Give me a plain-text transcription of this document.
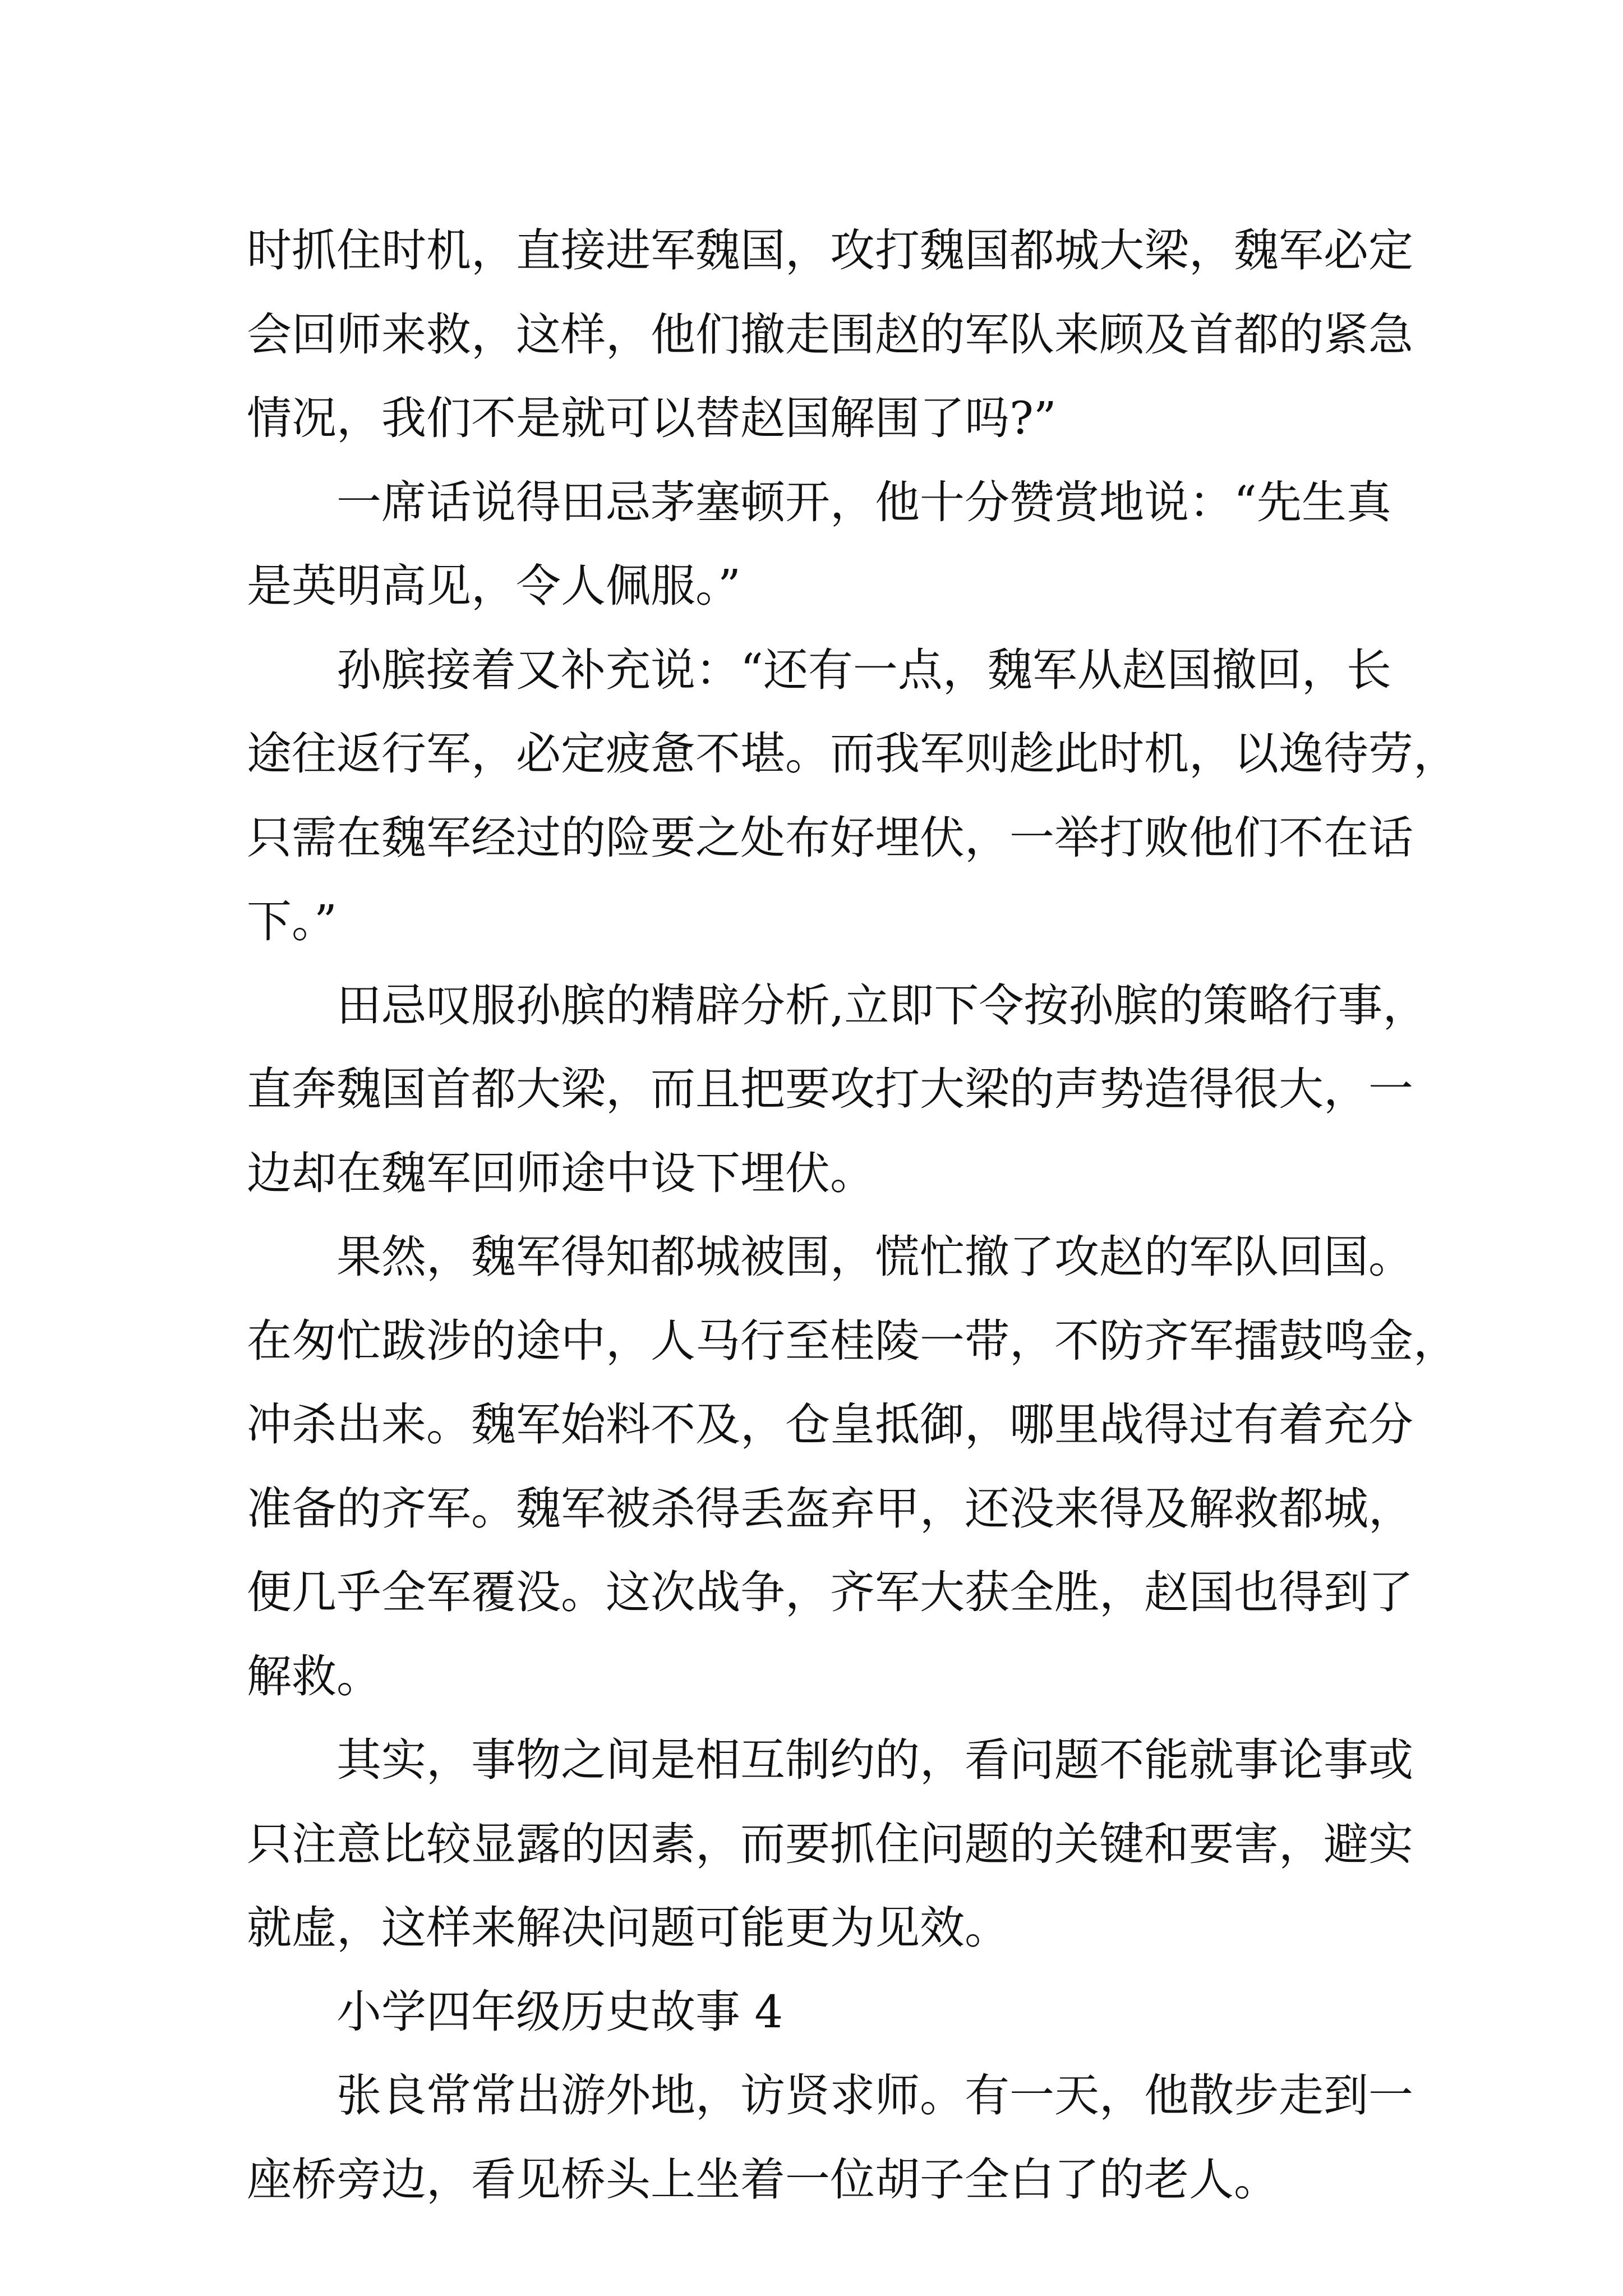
时抓住时机，直接进军魏国，攻打魏国都城大梁，魏军必定
会回师来救，这样，他们撤走围赵的军队来顾及首都的紧急
情况，我们不是就可以替赵国解围了吗?”
一席话说得田忌茅塞顿开，他十分赞赏地说：“先生真
是英明高见，令人佩服。”
孙膑接着又补充说：“还有一点，魏军从赵国撤回，长
途往返行军，必定疲惫不堪。而我军则趁此时机，以逸待劳，
只需在魏军经过的险要之处布好埋伏，一举打败他们不在话
下。”
田忌叹服孙膑的精辟分析,立即下令按孙膑的策略行事，
直奔魏国首都大梁，而且把要攻打大梁的声势造得很大，一
边却在魏军回师途中设下埋伏。
果然，魏军得知都城被围，慌忙撤了攻赵的军队回国。
在匆忙跋涉的途中，人马行至桂陵一带，不防齐军擂鼓鸣金，
冲杀出来。魏军始料不及，仓皇抵御，哪里战得过有着充分
准备的齐军。魏军被杀得丢盔弃甲，还没来得及解救都城，
便几乎全军覆没。这次战争，齐军大获全胜，赵国也得到了
解救。
其实，事物之间是相互制约的，看问题不能就事论事或
只注意比较显露的因素，而要抓住问题的关键和要害，避实
就虚，这样来解决问题可能更为见效。
小学四年级历史故事 4
张良常常出游外地，访贤求师。有一天，他散步走到一
座桥旁边，看见桥头上坐着一位胡子全白了的老人。
